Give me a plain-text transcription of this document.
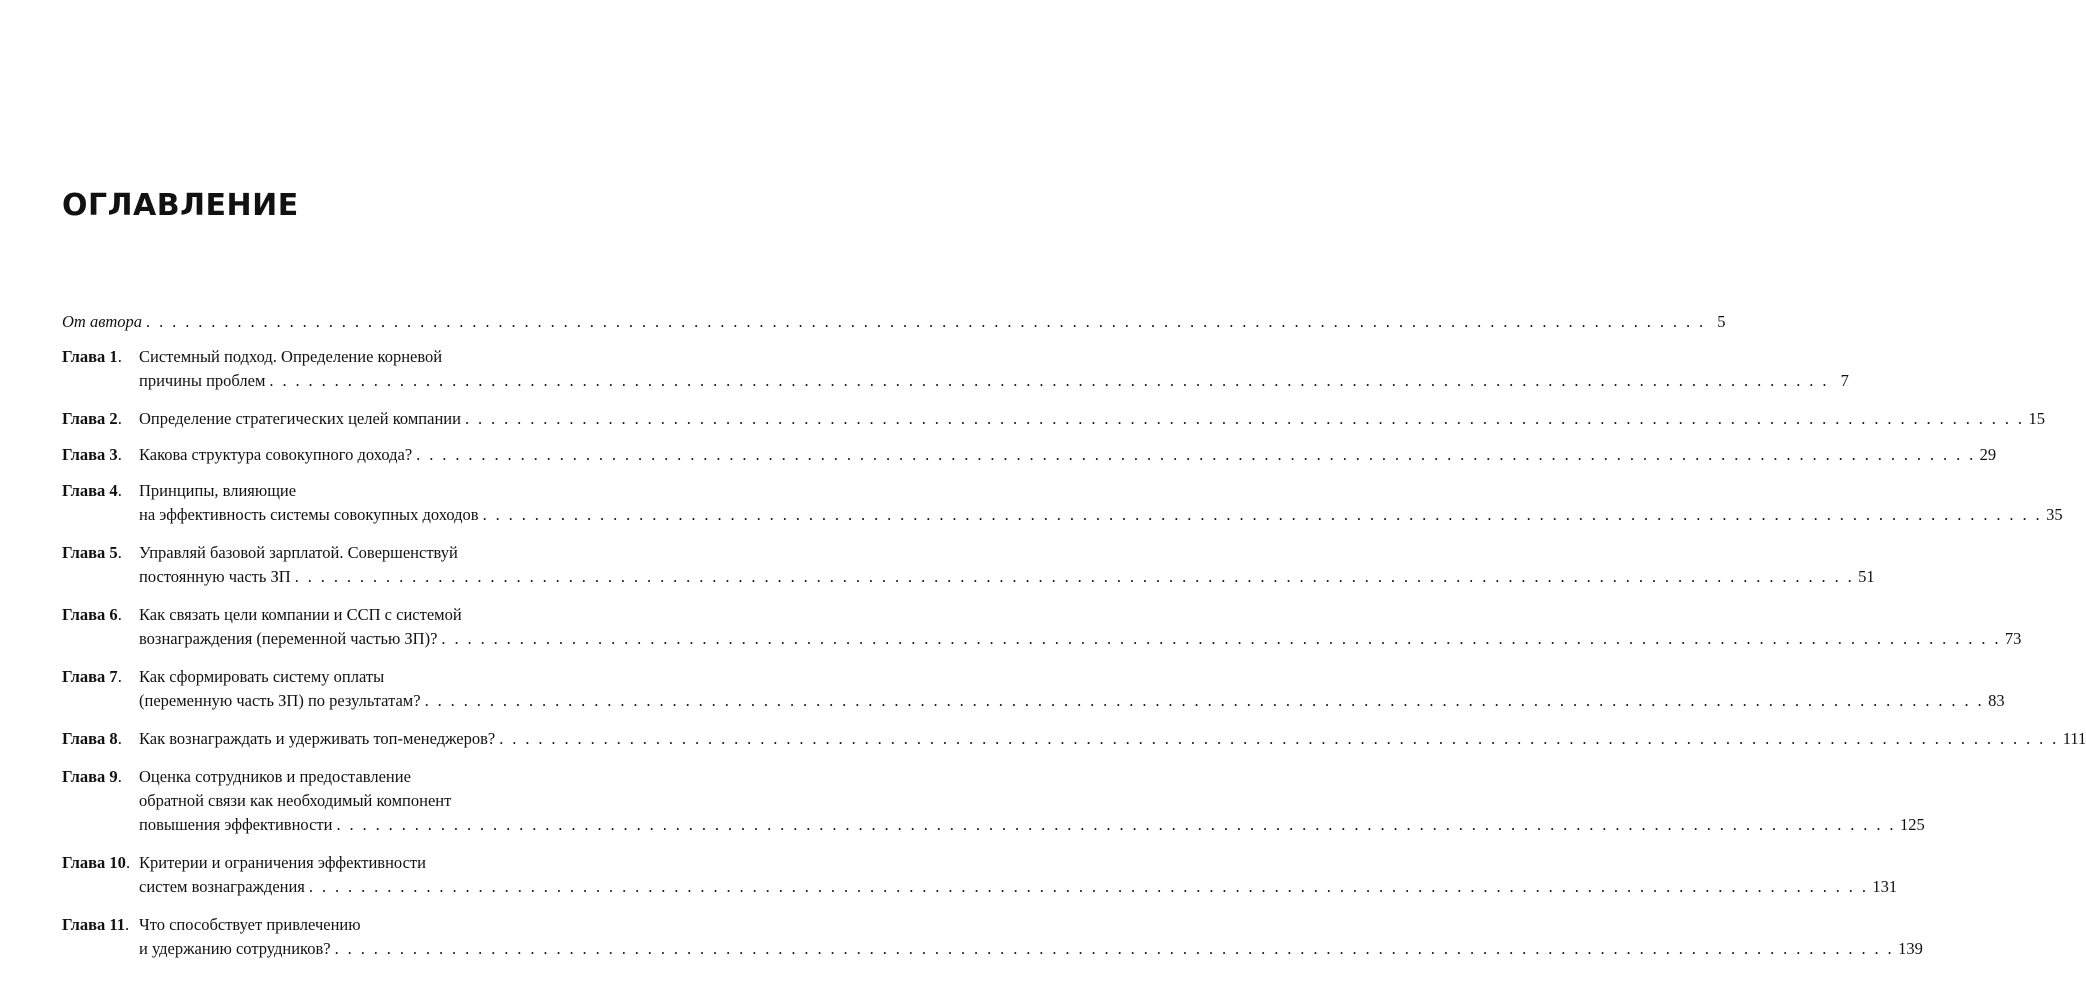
ОГЛАВЛЕНИЕ
От автора . . . . . . . . . . . . . . . . . . . . . . . . . . . . . . . . . . . . . . . . . . . . . . . . . . . . . . . . . . . . . . . . . . . . . . . . . . . . . . . . . . . . . . . . . . . . . . . . . . . . . . . . . . . . . . . . . . . . . . . . 5
Глава 1.	Системный подход. Определение корневой
причины проблем . . . . . . . . . . . . . . . . . . . . . . . . . . . . . . . . . . . . . . . . . . . . . . . . . . . . . . . . . . . . . . . . . . . . . . . . . . . . . . . . . . . . . . . . . . . . . . . . . . . . . . . . . . . . . . . . . . . . . . . . 7
Глава 2.	Определение стратегических целей компании . . . . . . . . . . . . . . . . . . . . . . . . . . . . . . . . . . . . . . . . . . . . . . . . . . . . . . . . . . . . . . . . . . . . . . . . . . . . . . . . . . . . . . . . . . . . . . . . . . . . . . . . . . . . . . . . . . . . . . . . 15
Глава 3.	Какова структура совокупного дохода? . . . . . . . . . . . . . . . . . . . . . . . . . . . . . . . . . . . . . . . . . . . . . . . . . . . . . . . . . . . . . . . . . . . . . . . . . . . . . . . . . . . . . . . . . . . . . . . . . . . . . . . . . . . . . . . . . . . . . . . . 29
Глава 4.	Принципы, влияющие
на эффективность системы совокупных доходов . . . . . . . . . . . . . . . . . . . . . . . . . . . . . . . . . . . . . . . . . . . . . . . . . . . . . . . . . . . . . . . . . . . . . . . . . . . . . . . . . . . . . . . . . . . . . . . . . . . . . . . . . . . . . . . . . . . . . . . . 35
Глава 5.	Управляй базовой зарплатой. Совершенствуй
постоянную часть ЗП . . . . . . . . . . . . . . . . . . . . . . . . . . . . . . . . . . . . . . . . . . . . . . . . . . . . . . . . . . . . . . . . . . . . . . . . . . . . . . . . . . . . . . . . . . . . . . . . . . . . . . . . . . . . . . . . . . . . . . . . 51
Глава 6.	Как связать цели компании и ССП с системой
вознаграждения (переменной частью ЗП)? . . . . . . . . . . . . . . . . . . . . . . . . . . . . . . . . . . . . . . . . . . . . . . . . . . . . . . . . . . . . . . . . . . . . . . . . . . . . . . . . . . . . . . . . . . . . . . . . . . . . . . . . . . . . . . . . . . . . . . . . 73
Глава 7.	Как сформировать систему оплаты
(переменную часть ЗП) по результатам? . . . . . . . . . . . . . . . . . . . . . . . . . . . . . . . . . . . . . . . . . . . . . . . . . . . . . . . . . . . . . . . . . . . . . . . . . . . . . . . . . . . . . . . . . . . . . . . . . . . . . . . . . . . . . . . . . . . . . . . . 83
Глава 8.	Как вознаграждать и удерживать топ-менеджеров? . . . . . . . . . . . . . . . . . . . . . . . . . . . . . . . . . . . . . . . . . . . . . . . . . . . . . . . . . . . . . . . . . . . . . . . . . . . . . . . . . . . . . . . . . . . . . . . . . . . . . . . . . . . . . . . . . . . . . . . . 111
Глава 9.	Оценка сотрудников и предоставление
обратной связи как необходимый компонент
повышения эффективности . . . . . . . . . . . . . . . . . . . . . . . . . . . . . . . . . . . . . . . . . . . . . . . . . . . . . . . . . . . . . . . . . . . . . . . . . . . . . . . . . . . . . . . . . . . . . . . . . . . . . . . . . . . . . . . . . . . . . . . . 125
Глава 10. Критерии и ограничения эффективности
систем вознаграждения . . . . . . . . . . . . . . . . . . . . . . . . . . . . . . . . . . . . . . . . . . . . . . . . . . . . . . . . . . . . . . . . . . . . . . . . . . . . . . . . . . . . . . . . . . . . . . . . . . . . . . . . . . . . . . . . . . . . . . . . 131
Глава 11. Что способствует привлечению
и удержанию сотрудников? . . . . . . . . . . . . . . . . . . . . . . . . . . . . . . . . . . . . . . . . . . . . . . . . . . . . . . . . . . . . . . . . . . . . . . . . . . . . . . . . . . . . . . . . . . . . . . . . . . . . . . . . . . . . . . . . . . . . . . . . 139
